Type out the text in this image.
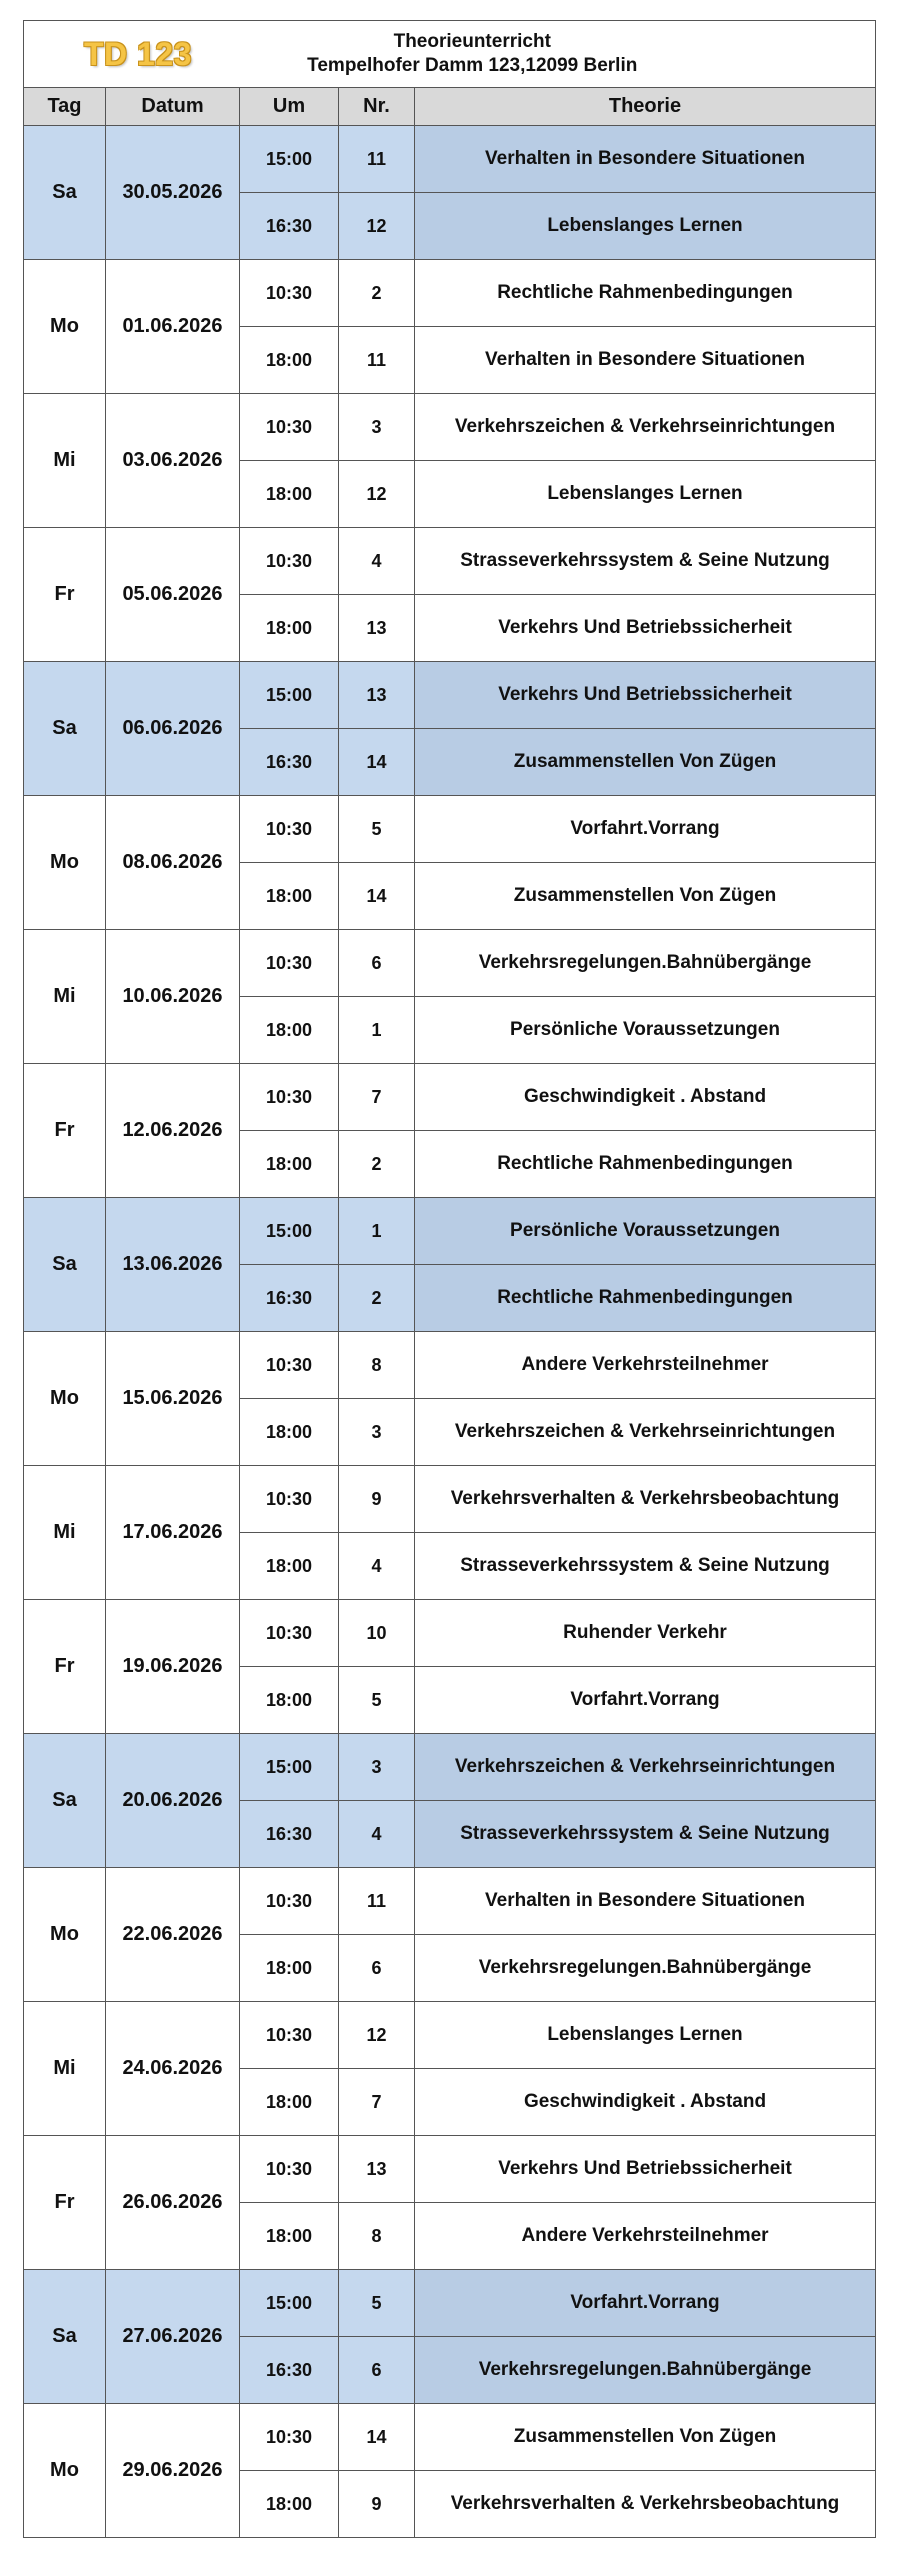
TD 123		Theorieunterricht
Tempelhofer Damm 123,12099 Berlin		

Tag	Datum	Um	Nr.	Theorie
Sa	30.05.2026	15:00	11	Verhalten in Besondere Situationen
		16:30	12	Lebenslanges Lernen
Mo	01.06.2026	10:30	2	Rechtliche Rahmenbedingungen
		18:00	11	Verhalten in Besondere Situationen
Mi	03.06.2026	10:30	3	Verkehrszeichen & Verkehrseinrichtungen
		18:00	12	Lebenslanges Lernen
Fr	05.06.2026	10:30	4	Strasseverkehrssystem & Seine Nutzung
		18:00	13	Verkehrs Und Betriebssicherheit
Sa	06.06.2026	15:00	13	Verkehrs Und Betriebssicherheit
		16:30	14	Zusammenstellen Von Zügen
Mo	08.06.2026	10:30	5	Vorfahrt.Vorrang
		18:00	14	Zusammenstellen Von Zügen
Mi	10.06.2026	10:30	6	Verkehrsregelungen.Bahnübergänge
		18:00	1	Persönliche Voraussetzungen
Fr	12.06.2026	10:30	7	Geschwindigkeit . Abstand
		18:00	2	Rechtliche Rahmenbedingungen
Sa	13.06.2026	15:00	1	Persönliche Voraussetzungen
		16:30	2	Rechtliche Rahmenbedingungen
Mo	15.06.2026	10:30	8	Andere Verkehrsteilnehmer
		18:00	3	Verkehrszeichen & Verkehrseinrichtungen
Mi	17.06.2026	10:30	9	Verkehrsverhalten & Verkehrsbeobachtung
		18:00	4	Strasseverkehrssystem & Seine Nutzung
Fr	19.06.2026	10:30	10	Ruhender Verkehr
		18:00	5	Vorfahrt.Vorrang
Sa	20.06.2026	15:00	3	Verkehrszeichen & Verkehrseinrichtungen
		16:30	4	Strasseverkehrssystem & Seine Nutzung
Mo	22.06.2026	10:30	11	Verhalten in Besondere Situationen
		18:00	6	Verkehrsregelungen.Bahnübergänge
Mi	24.06.2026	10:30	12	Lebenslanges Lernen
		18:00	7	Geschwindigkeit . Abstand
Fr	26.06.2026	10:30	13	Verkehrs Und Betriebssicherheit
		18:00	8	Andere Verkehrsteilnehmer
Sa	27.06.2026	15:00	5	Vorfahrt.Vorrang
		16:30	6	Verkehrsregelungen.Bahnübergänge
Mo	29.06.2026	10:30	14	Zusammenstellen Von Zügen
		18:00	9	Verkehrsverhalten & Verkehrsbeobachtung
